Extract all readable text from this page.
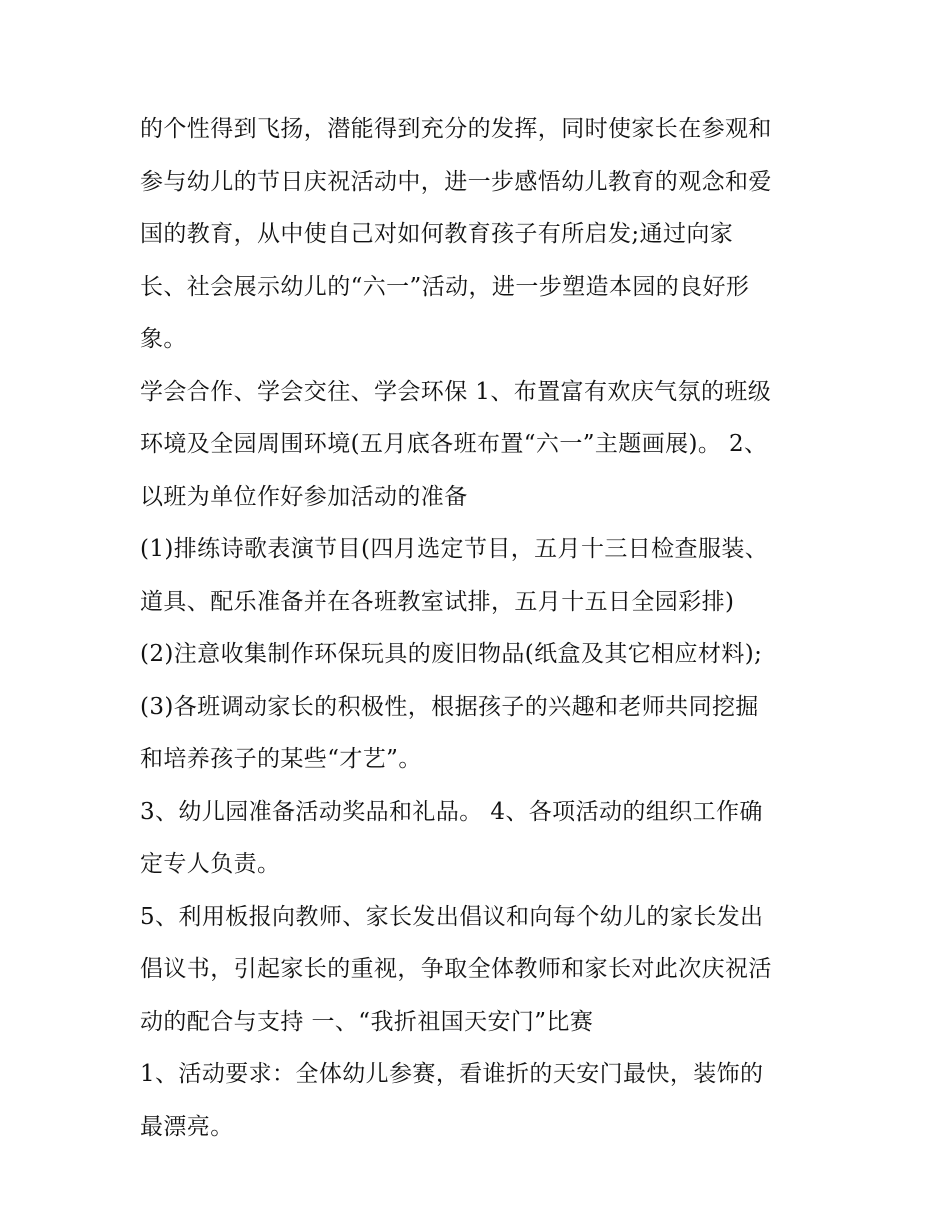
的个性得到飞扬，潜能得到充分的发挥，同时使家长在参观和
参与幼儿的节日庆祝活动中，进一步感悟幼儿教育的观念和爱
国的教育，从中使自己对如何教育孩子有所启发;通过向家
长、社会展示幼儿的“六一”活动，进一步塑造本园的良好形
象。
学会合作、学会交往、学会环保 1、布置富有欢庆气氛的班级
环境及全园周围环境(五月底各班布置“六一”主题画展)。 2、
以班为单位作好参加活动的准备
(1)排练诗歌表演节目(四月选定节目，五月十三日检查服装、
道具、配乐准备并在各班教室试排，五月十五日全园彩排)
(2)注意收集制作环保玩具的废旧物品(纸盒及其它相应材料);
(3)各班调动家长的积极性，根据孩子的兴趣和老师共同挖掘
和培养孩子的某些“才艺”。
3、幼儿园准备活动奖品和礼品。 4、各项活动的组织工作确
定专人负责。
5、利用板报向教师、家长发出倡议和向每个幼儿的家长发出
倡议书，引起家长的重视，争取全体教师和家长对此次庆祝活
动的配合与支持 一、“我折祖国天安门”比赛
1、活动要求：全体幼儿参赛，看谁折的天安门最快，装饰的
最漂亮。
